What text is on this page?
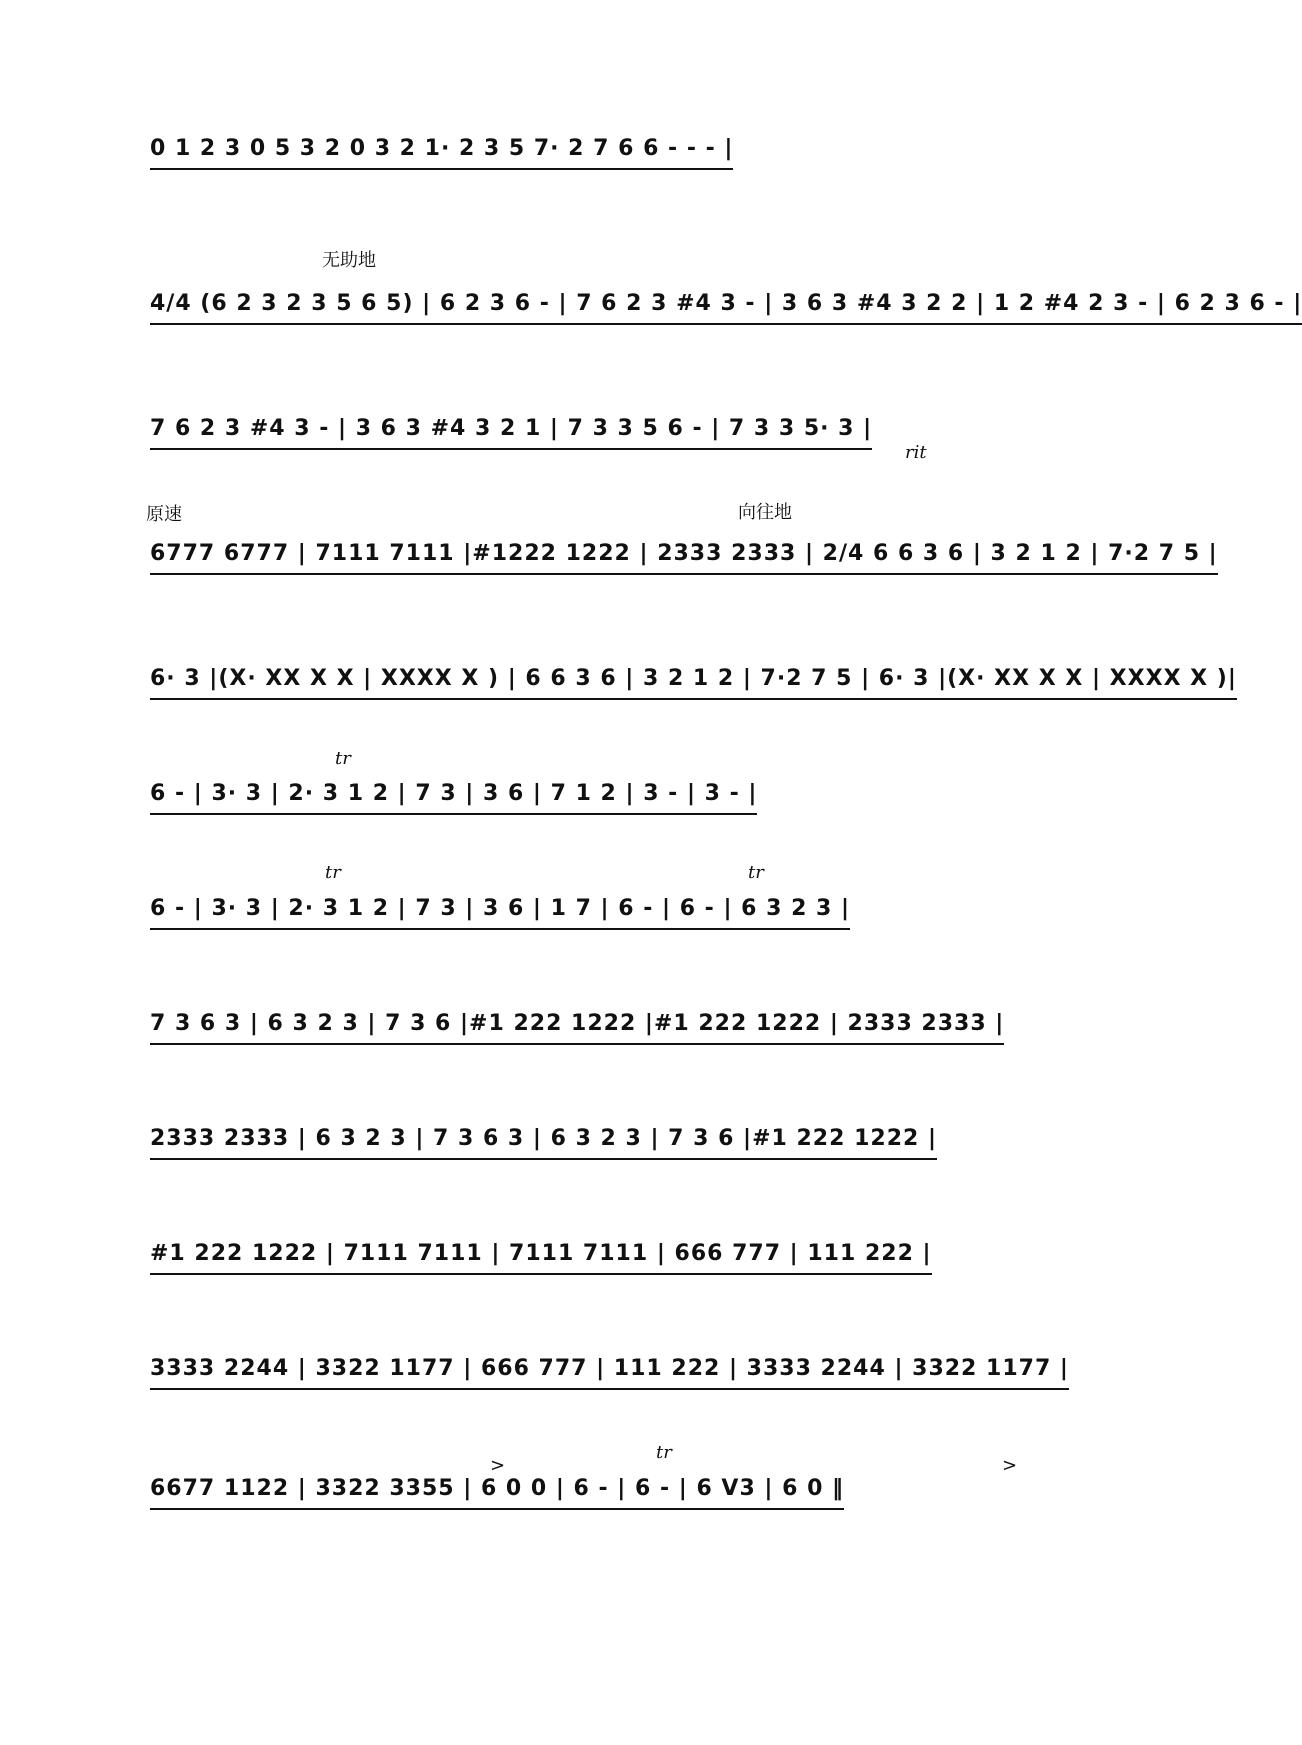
0 1 2 3 0 5 3 2 0 3 2 1· 2 3 5 7· 2 7 6 6 - - - |
无助地
4/4 (6 2 3 2 3 5 6 5) | 6 2 3 6 - | 7 6 2 3 #4 3 - | 3 6 3 #4 3 2 2 | 1 2 #4 2 3 - | 6 2 3 6 - |
7 6 2 3 #4 3 - | 3 6 3 #4 3 2 1 | 7 3 3 5 6 - | 7 3 3 5· 3 |
rit
原速	向往地
6777 6777 | 7111 7111 |#1222 1222 | 2333 2333 | 2/4 6 6 3 6 | 3 2 1 2 | 7·2 7 5 |
6· 3 |(X· XX X X | XXXX X ) | 6 6 3 6 | 3 2 1 2 | 7·2 7 5 | 6· 3 |(X· XX X X | XXXX X )|
tr
6 - | 3· 3 | 2· 3 1 2 | 7 3 | 3 6 | 7 1 2 | 3 - | 3 - |
tr	tr
6 - | 3· 3 | 2· 3 1 2 | 7 3 | 3 6 | 1 7 | 6 - | 6 - | 6 3 2 3 |
7 3 6 3 | 6 3 2 3 | 7 3 6 |#1 222 1222 |#1 222 1222 | 2333 2333 |
2333 2333 | 6 3 2 3 | 7 3 6 3 | 6 3 2 3 | 7 3 6 |#1 222 1222 |
#1 222 1222 | 7111 7111 | 7111 7111 | 666 777 | 111 222 |
3333 2244 | 3322 1177 | 666 777 | 111 222 | 3333 2244 | 3322 1177 |
>
tr
>
6677 1122 | 3322 3355 | 6 0 0 | 6 - | 6 - | 6 V3 | 6 0 ‖
